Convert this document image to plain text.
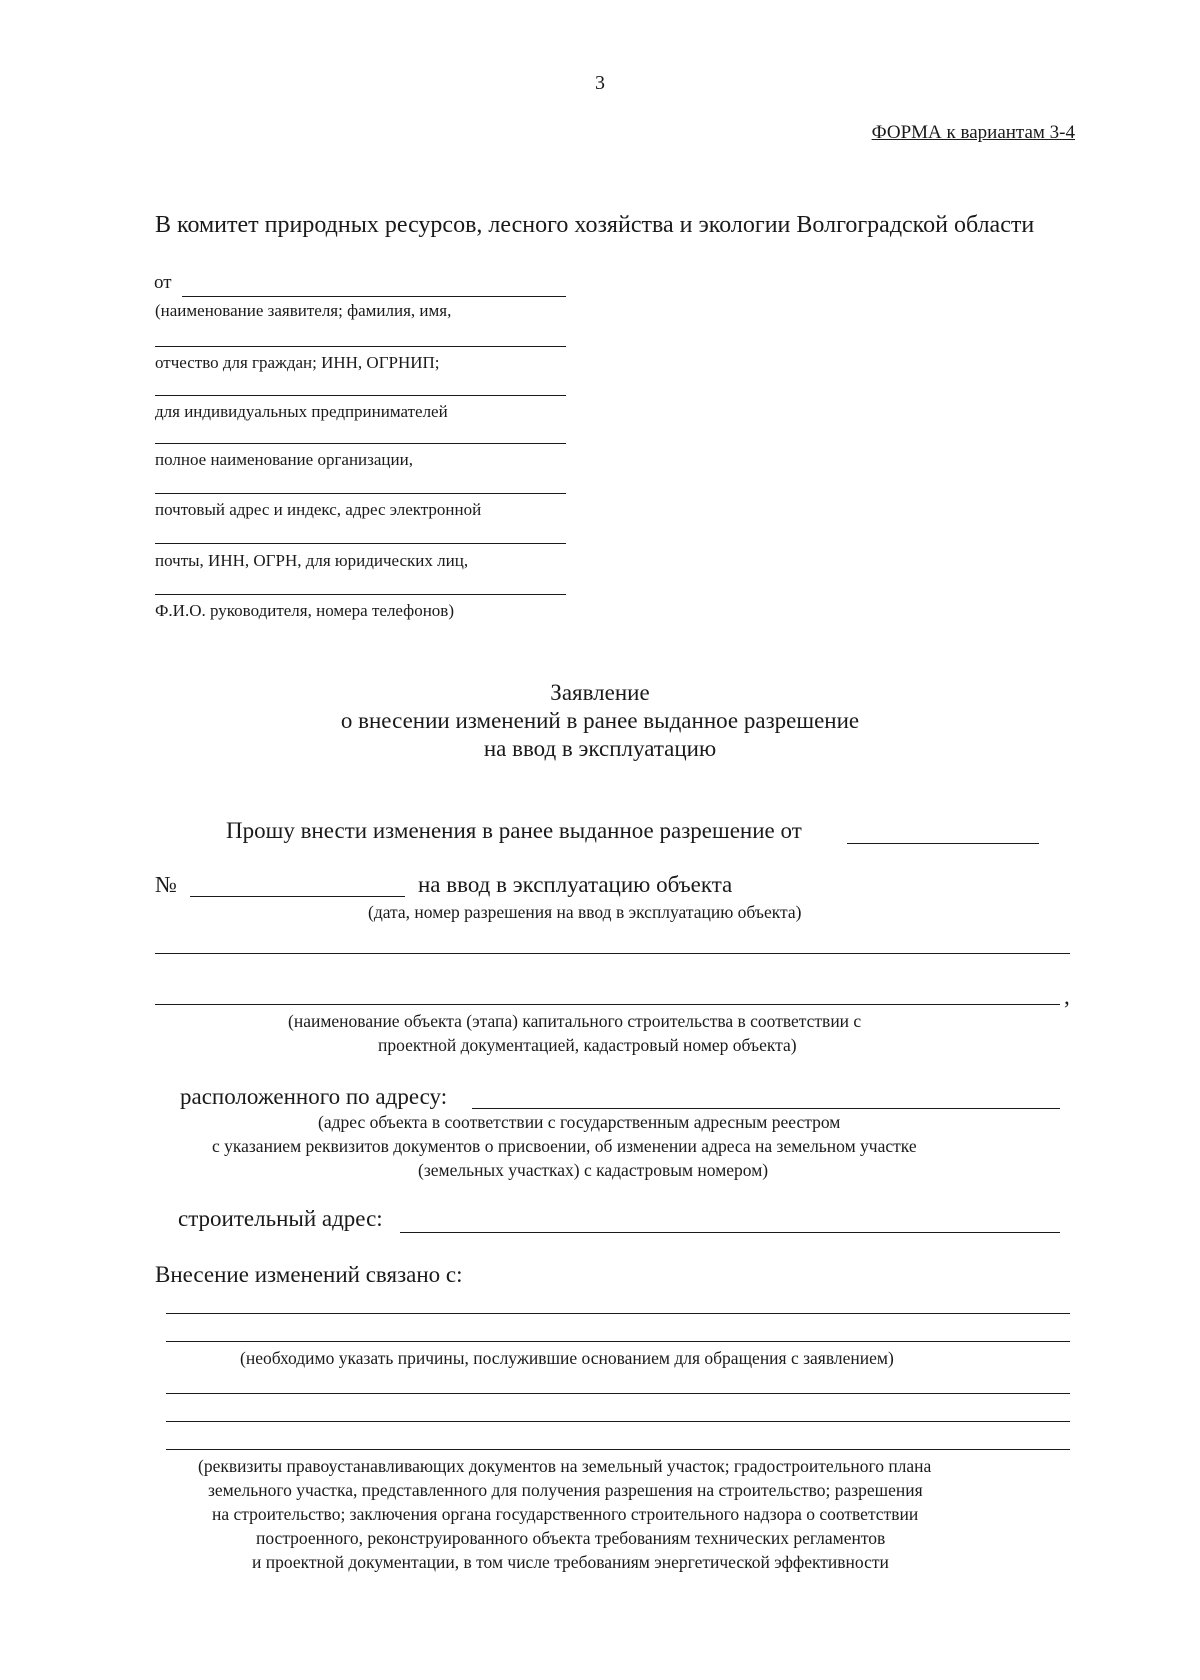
3
ФОРМА к вариантам 3-4
В комитет природных ресурсов, лесного хозяйства и экологии Волгоградской области
от
(наименование заявителя; фамилия, имя,
отчество для граждан; ИНН, ОГРНИП;
для индивидуальных предпринимателей
полное наименование организации,
почтовый адрес и индекс, адрес электронной
почты, ИНН, ОГРН, для юридических лиц,
Ф.И.О. руководителя, номера телефонов)
Заявление
о внесении изменений в ранее выданное разрешение
на ввод в эксплуатацию
Прошу внести изменения в ранее выданное разрешение от
№	на ввод в эксплуатацию объекта
(дата, номер разрешения на ввод в эксплуатацию объекта)
,
(наименование объекта (этапа) капитального строительства в соответствии с
проектной документацией, кадастровый номер объекта)
расположенного по адресу:
(адрес объекта в соответствии с государственным адресным реестром
с указанием реквизитов документов о присвоении, об изменении адреса на земельном участке
(земельных участках) с кадастровым номером)
строительный адрес:
Внесение изменений связано с:
(необходимо указать причины, послужившие основанием для обращения с заявлением)
(реквизиты правоустанавливающих документов на земельный участок; градостроительного плана
земельного участка, представленного для получения разрешения на строительство; разрешения
на строительство; заключения органа государственного строительного надзора о соответствии
построенного, реконструированного объекта требованиям технических регламентов
и проектной документации, в том числе требованиям энергетической эффективности
